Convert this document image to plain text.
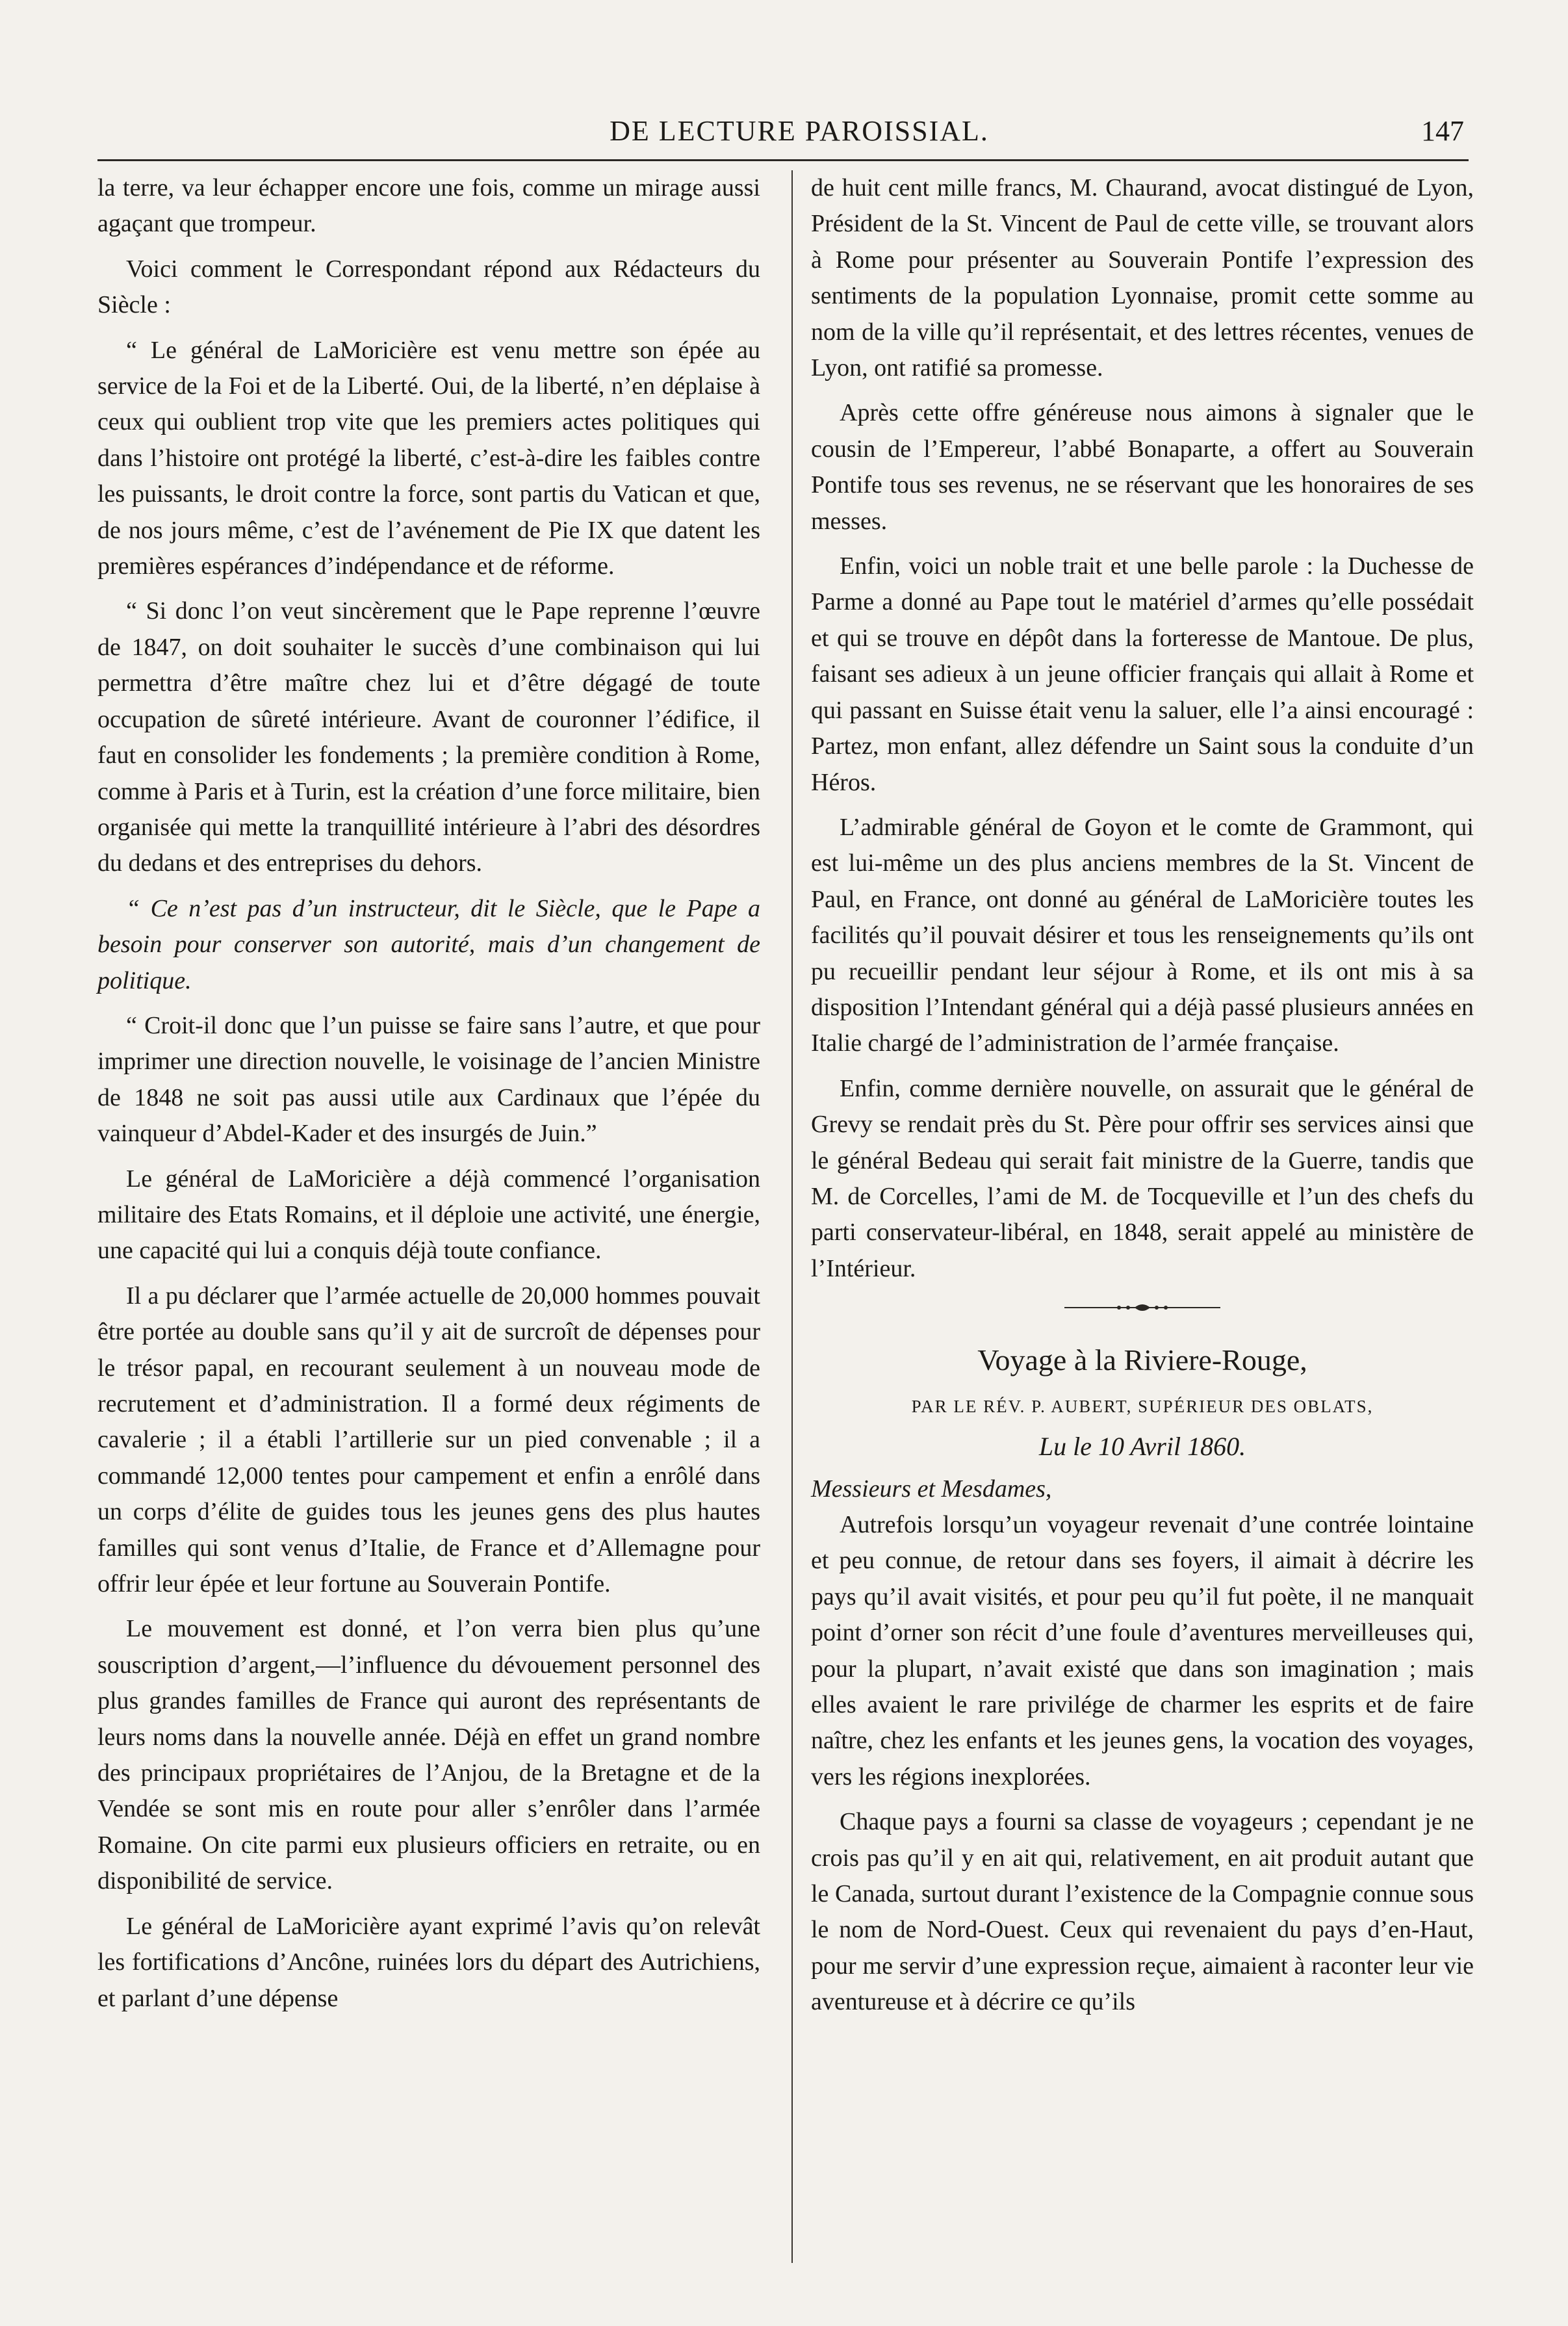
DE LECTURE PAROISSIAL.	147

la terre, va leur échapper encore une fois, comme un mirage aussi agaçant que trompeur.

Voici comment le Correspondant répond aux Rédacteurs du Siècle :

“ Le général de LaMoricière est venu mettre son épée au service de la Foi et de la Liberté. Oui, de la liberté, n’en déplaise à ceux qui oublient trop vite que les premiers actes politiques qui dans l’histoire ont protégé la liberté, c’est-à-dire les faibles contre les puissants, le droit contre la force, sont partis du Vatican et que, de nos jours même, c’est de l’avénement de Pie IX que datent les premières espérances d’indépendance et de réforme.

“ Si donc l’on veut sincèrement que le Pape reprenne l’œuvre de 1847, on doit souhaiter le succès d’une combinaison qui lui permettra d’être maître chez lui et d’être dégagé de toute occupation de sûreté intérieure. Avant de couronner l’édifice, il faut en consolider les fondements ; la première condition à Rome, comme à Paris et à Turin, est la création d’une force militaire, bien organisée qui mette la tranquillité intérieure à l’abri des désordres du dedans et des entreprises du dehors.

“ Ce n’est pas d’un instructeur, dit le Siècle, que le Pape a besoin pour conserver son autorité, mais d’un changement de politique.

“ Croit-il donc que l’un puisse se faire sans l’autre, et que pour imprimer une direction nouvelle, le voisinage de l’ancien Ministre de 1848 ne soit pas aussi utile aux Cardinaux que l’épée du vainqueur d’Abdel-Kader et des insurgés de Juin.”

Le général de LaMoricière a déjà commencé l’organisation militaire des Etats Romains, et il déploie une activité, une énergie, une capacité qui lui a conquis déjà toute confiance.

Il a pu déclarer que l’armée actuelle de 20,000 hommes pouvait être portée au double sans qu’il y ait de surcroît de dépenses pour le trésor papal, en recourant seulement à un nouveau mode de recrutement et d’administration. Il a formé deux régiments de cavalerie ; il a établi l’artillerie sur un pied convenable ; il a commandé 12,000 tentes pour campement et enfin a enrôlé dans un corps d’élite de guides tous les jeunes gens des plus hautes familles qui sont venus d’Italie, de France et d’Allemagne pour offrir leur épée et leur fortune au Souverain Pontife.

Le mouvement est donné, et l’on verra bien plus qu’une souscription d’argent,—l’influence du dévouement personnel des plus grandes familles de France qui auront des représentants de leurs noms dans la nouvelle année. Déjà en effet un grand nombre des principaux propriétaires de l’Anjou, de la Bretagne et de la Vendée se sont mis en route pour aller s’enrôler dans l’armée Romaine. On cite parmi eux plusieurs officiers en retraite, ou en disponibilité de service.

Le général de LaMoricière ayant exprimé l’avis qu’on relevât les fortifications d’Ancône, ruinées lors du départ des Autrichiens, et parlant d’une dépense

de huit cent mille francs, M. Chaurand, avocat distingué de Lyon, Président de la St. Vincent de Paul de cette ville, se trouvant alors à Rome pour présenter au Souverain Pontife l’expression des sentiments de la population Lyonnaise, promit cette somme au nom de la ville qu’il représentait, et des lettres récentes, venues de Lyon, ont ratifié sa promesse.

Après cette offre généreuse nous aimons à signaler que le cousin de l’Empereur, l’abbé Bonaparte, a offert au Souverain Pontife tous ses revenus, ne se réservant que les honoraires de ses messes.

Enfin, voici un noble trait et une belle parole : la Duchesse de Parme a donné au Pape tout le matériel d’armes qu’elle possédait et qui se trouve en dépôt dans la forteresse de Mantoue. De plus, faisant ses adieux à un jeune officier français qui allait à Rome et qui passant en Suisse était venu la saluer, elle l’a ainsi encouragé : Partez, mon enfant, allez défendre un Saint sous la conduite d’un Héros.

L’admirable général de Goyon et le comte de Grammont, qui est lui-même un des plus anciens membres de la St. Vincent de Paul, en France, ont donné au général de LaMoricière toutes les facilités qu’il pouvait désirer et tous les renseignements qu’ils ont pu recueillir pendant leur séjour à Rome, et ils ont mis à sa disposition l’Intendant général qui a déjà passé plusieurs années en Italie chargé de l’administration de l’armée française.

Enfin, comme dernière nouvelle, on assurait que le général de Grevy se rendait près du St. Père pour offrir ses services ainsi que le général Bedeau qui serait fait ministre de la Guerre, tandis que M. de Corcelles, l’ami de M. de Tocqueville et l’un des chefs du parti conservateur-libéral, en 1848, serait appelé au ministère de l’Intérieur.

Voyage à la Riviere-Rouge,
PAR LE RÉV. P. AUBERT, SUPÉRIEUR DES OBLATS,
Lu le 10 Avril 1860.

Messieurs et Mesdames,

Autrefois lorsqu’un voyageur revenait d’une contrée lointaine et peu connue, de retour dans ses foyers, il aimait à décrire les pays qu’il avait visités, et pour peu qu’il fut poète, il ne manquait point d’orner son récit d’une foule d’aventures merveilleuses qui, pour la plupart, n’avait existé que dans son imagination ; mais elles avaient le rare privilége de charmer les esprits et de faire naître, chez les enfants et les jeunes gens, la vocation des voyages, vers les régions inexplorées.

Chaque pays a fourni sa classe de voyageurs ; cependant je ne crois pas qu’il y en ait qui, relativement, en ait produit autant que le Canada, surtout durant l’existence de la Compagnie connue sous le nom de Nord-Ouest. Ceux qui revenaient du pays d’en-Haut, pour me servir d’une expression reçue, aimaient à raconter leur vie aventureuse et à décrire ce qu’ils
